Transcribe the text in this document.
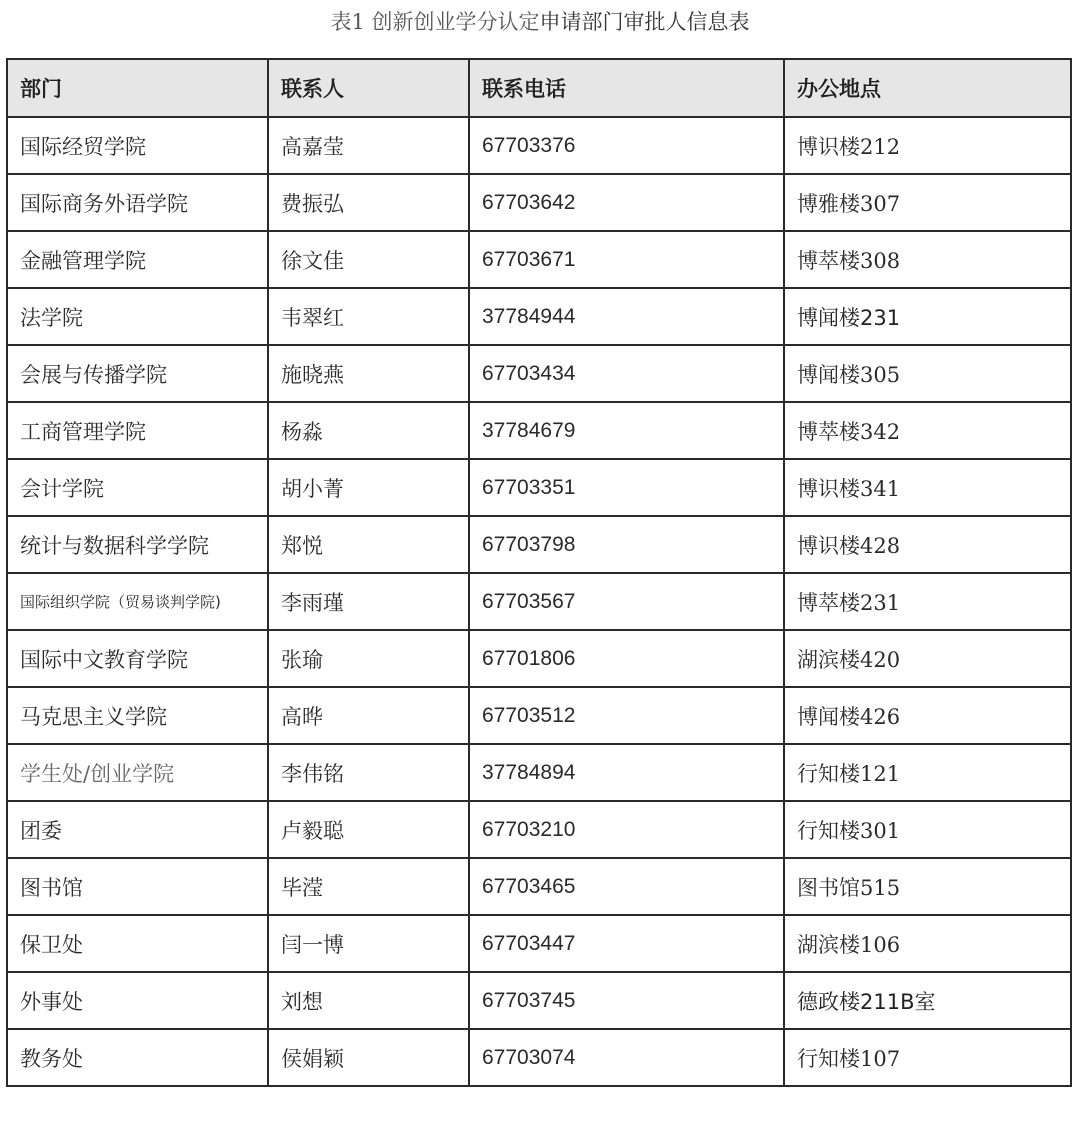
表1 创新创业学分认定申请部门审批人信息表
部门	联系人	联系电话	办公地点
国际经贸学院	高嘉莹	67703376	博识楼212
国际商务外语学院	费振弘	67703642	博雅楼307
金融管理学院	徐文佳	67703671	博萃楼308
法学院	韦翠红	37784944	博闻楼231
会展与传播学院	施晓燕	67703434	博闻楼305
工商管理学院	杨淼	37784679	博萃楼342
会计学院	胡小菁	67703351	博识楼341
统计与数据科学学院	郑悦	67703798	博识楼428
国际组织学院（贸易谈判学院)	李雨瑾	67703567	博萃楼231
国际中文教育学院	张瑜	67701806	湖滨楼420
马克思主义学院	高晔	67703512	博闻楼426
学生处/创业学院	李伟铭	37784894	行知楼121
团委	卢毅聪	67703210	行知楼301
图书馆	毕滢	67703465	图书馆515
保卫处	闫一博	67703447	湖滨楼106
外事处	刘想	67703745	德政楼211B室
教务处	侯娟颖	67703074	行知楼107
